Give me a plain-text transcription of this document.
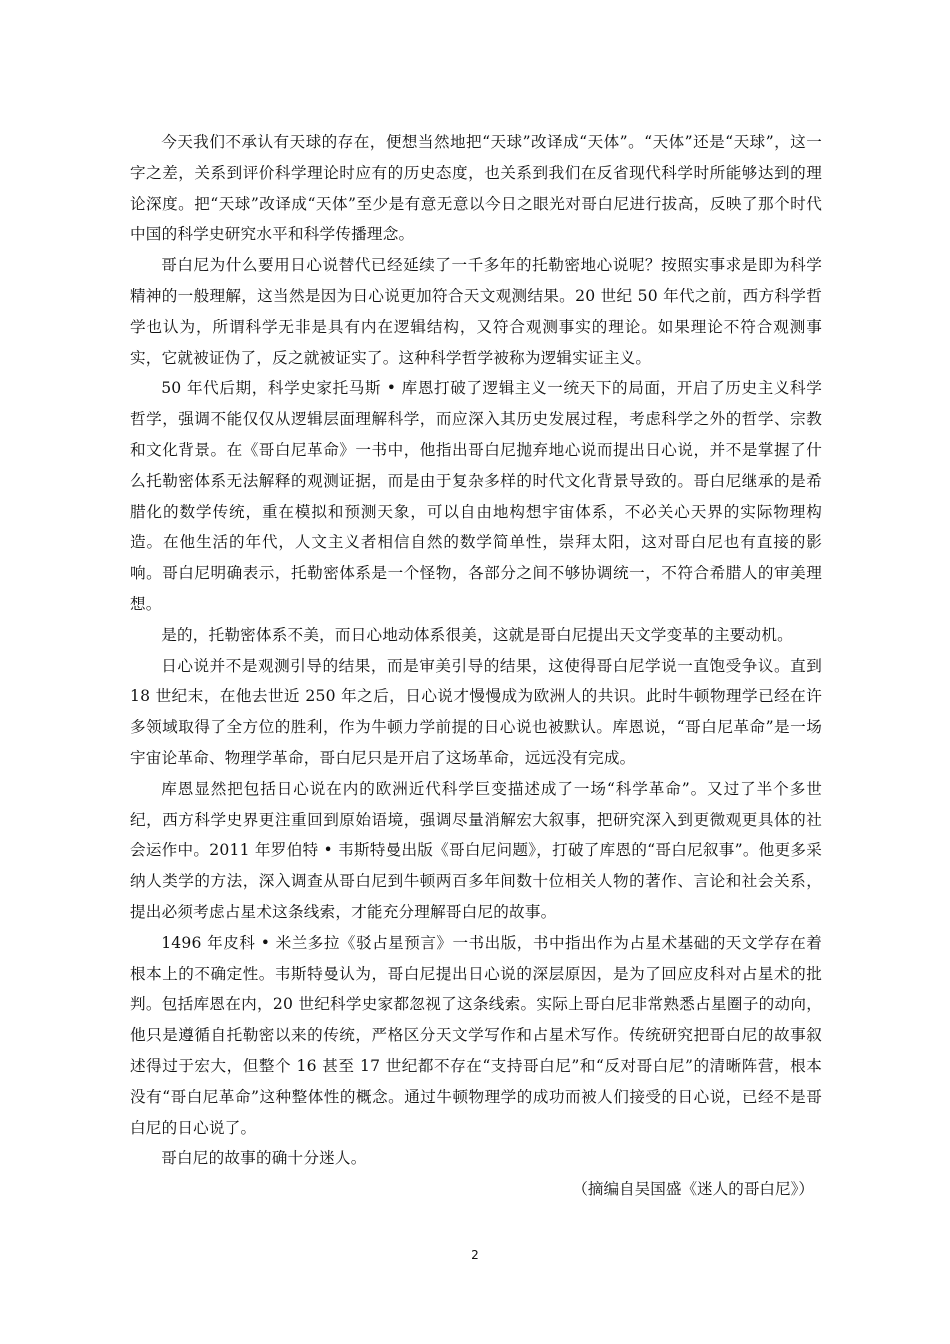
今天我们不承认有天球的存在，便想当然地把“天球”改译成“天体”。“天体”还是“天球”，这一字之差，关系到评价科学理论时应有的历史态度，也关系到我们在反省现代科学时所能够达到的理论深度。把“天球”改译成“天体”至少是有意无意以今日之眼光对哥白尼进行拔高，反映了那个时代中国的科学史研究水平和科学传播理念。

哥白尼为什么要用日心说替代已经延续了一千多年的托勒密地心说呢？按照实事求是即为科学精神的一般理解，这当然是因为日心说更加符合天文观测结果。20 世纪 50 年代之前，西方科学哲学也认为，所谓科学无非是具有内在逻辑结构，又符合观测事实的理论。如果理论不符合观测事实，它就被证伪了，反之就被证实了。这种科学哲学被称为逻辑实证主义。

50 年代后期，科学史家托马斯 • 库恩打破了逻辑主义一统天下的局面，开启了历史主义科学哲学，强调不能仅仅从逻辑层面理解科学，而应深入其历史发展过程，考虑科学之外的哲学、宗教和文化背景。在《哥白尼革命》一书中，他指出哥白尼抛弃地心说而提出日心说，并不是掌握了什么托勒密体系无法解释的观测证据，而是由于复杂多样的时代文化背景导致的。哥白尼继承的是希腊化的数学传统，重在模拟和预测天象，可以自由地构想宇宙体系，不必关心天界的实际物理构造。在他生活的年代，人文主义者相信自然的数学简单性，崇拜太阳，这对哥白尼也有直接的影响。哥白尼明确表示，托勒密体系是一个怪物，各部分之间不够协调统一，不符合希腊人的审美理想。

是的，托勒密体系不美，而日心地动体系很美，这就是哥白尼提出天文学变革的主要动机。

日心说并不是观测引导的结果，而是审美引导的结果，这使得哥白尼学说一直饱受争议。直到 18 世纪末，在他去世近 250 年之后，日心说才慢慢成为欧洲人的共识。此时牛顿物理学已经在许多领域取得了全方位的胜利，作为牛顿力学前提的日心说也被默认。库恩说，“哥白尼革命”是一场宇宙论革命、物理学革命，哥白尼只是开启了这场革命，远远没有完成。

库恩显然把包括日心说在内的欧洲近代科学巨变描述成了一场“科学革命”。又过了半个多世纪，西方科学史界更注重回到原始语境，强调尽量消解宏大叙事，把研究深入到更微观更具体的社会运作中。2011 年罗伯特 • 韦斯特曼出版《哥白尼问题》，打破了库恩的“哥白尼叙事”。他更多采纳人类学的方法，深入调查从哥白尼到牛顿两百多年间数十位相关人物的著作、言论和社会关系，提出必须考虑占星术这条线索，才能充分理解哥白尼的故事。

1496 年皮科 • 米兰多拉《驳占星预言》一书出版，书中指出作为占星术基础的天文学存在着根本上的不确定性。韦斯特曼认为，哥白尼提出日心说的深层原因，是为了回应皮科对占星术的批判。包括库恩在内，20 世纪科学史家都忽视了这条线索。实际上哥白尼非常熟悉占星圈子的动向，他只是遵循自托勒密以来的传统，严格区分天文学写作和占星术写作。传统研究把哥白尼的故事叙述得过于宏大，但整个 16 甚至 17 世纪都不存在“支持哥白尼”和“反对哥白尼”的清晰阵营，根本没有“哥白尼革命”这种整体性的概念。通过牛顿物理学的成功而被人们接受的日心说，已经不是哥白尼的日心说了。

哥白尼的故事的确十分迷人。

（摘编自吴国盛《迷人的哥白尼》）

2
